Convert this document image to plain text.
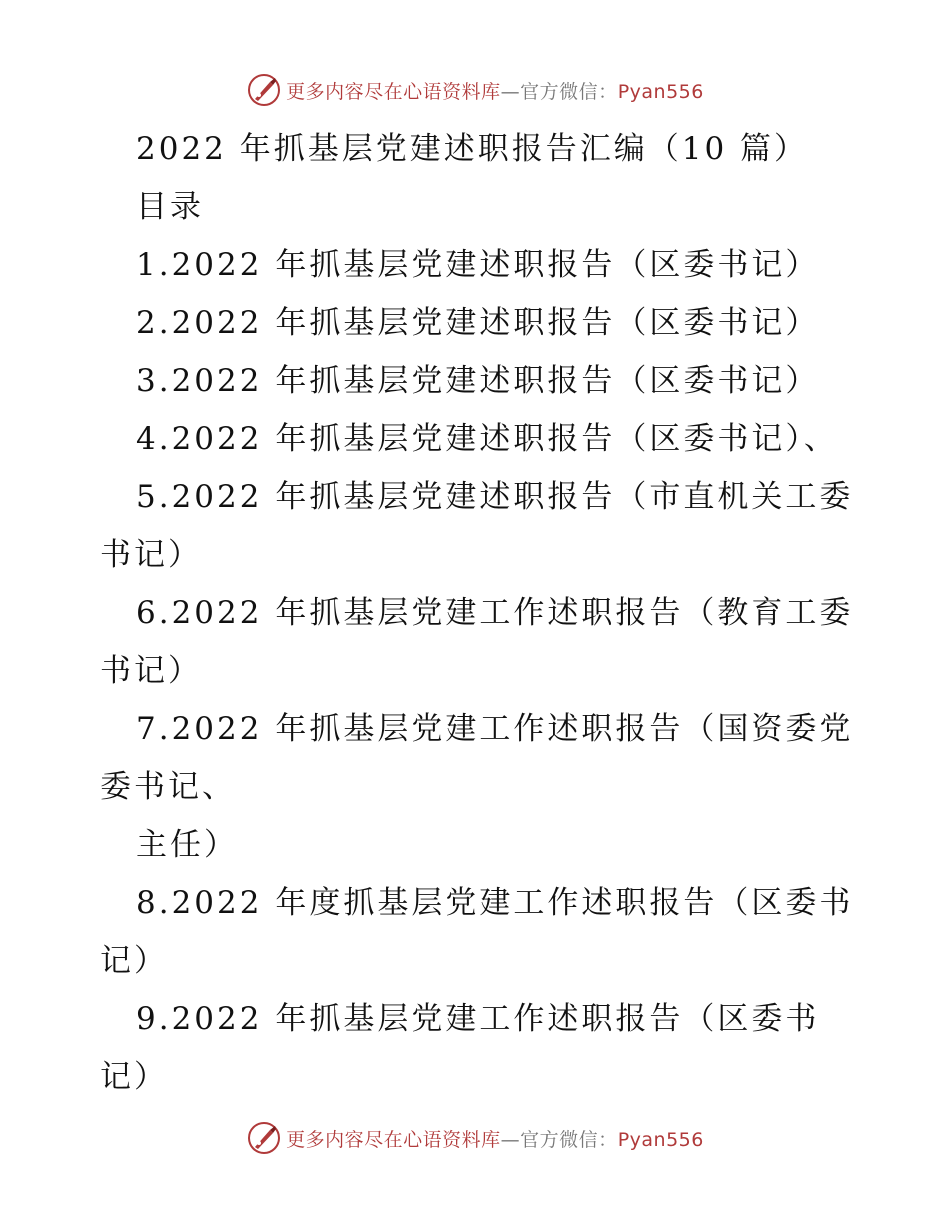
更多内容尽在心语资料库—官方微信：Pyan556
2022 年抓基层党建述职报告汇编（10 篇）
目录
1.2022 年抓基层党建述职报告（区委书记）
2.2022 年抓基层党建述职报告（区委书记）
3.2022 年抓基层党建述职报告（区委书记）
4.2022 年抓基层党建述职报告（区委书记）、
5.2022 年抓基层党建述职报告（市直机关工委
书记）
6.2022 年抓基层党建工作述职报告（教育工委
书记）
7.2022 年抓基层党建工作述职报告（国资委党
委书记、
主任）
8.2022 年度抓基层党建工作述职报告（区委书
记）
9.2022 年抓基层党建工作述职报告（区委书
记）
更多内容尽在心语资料库—官方微信：Pyan556
